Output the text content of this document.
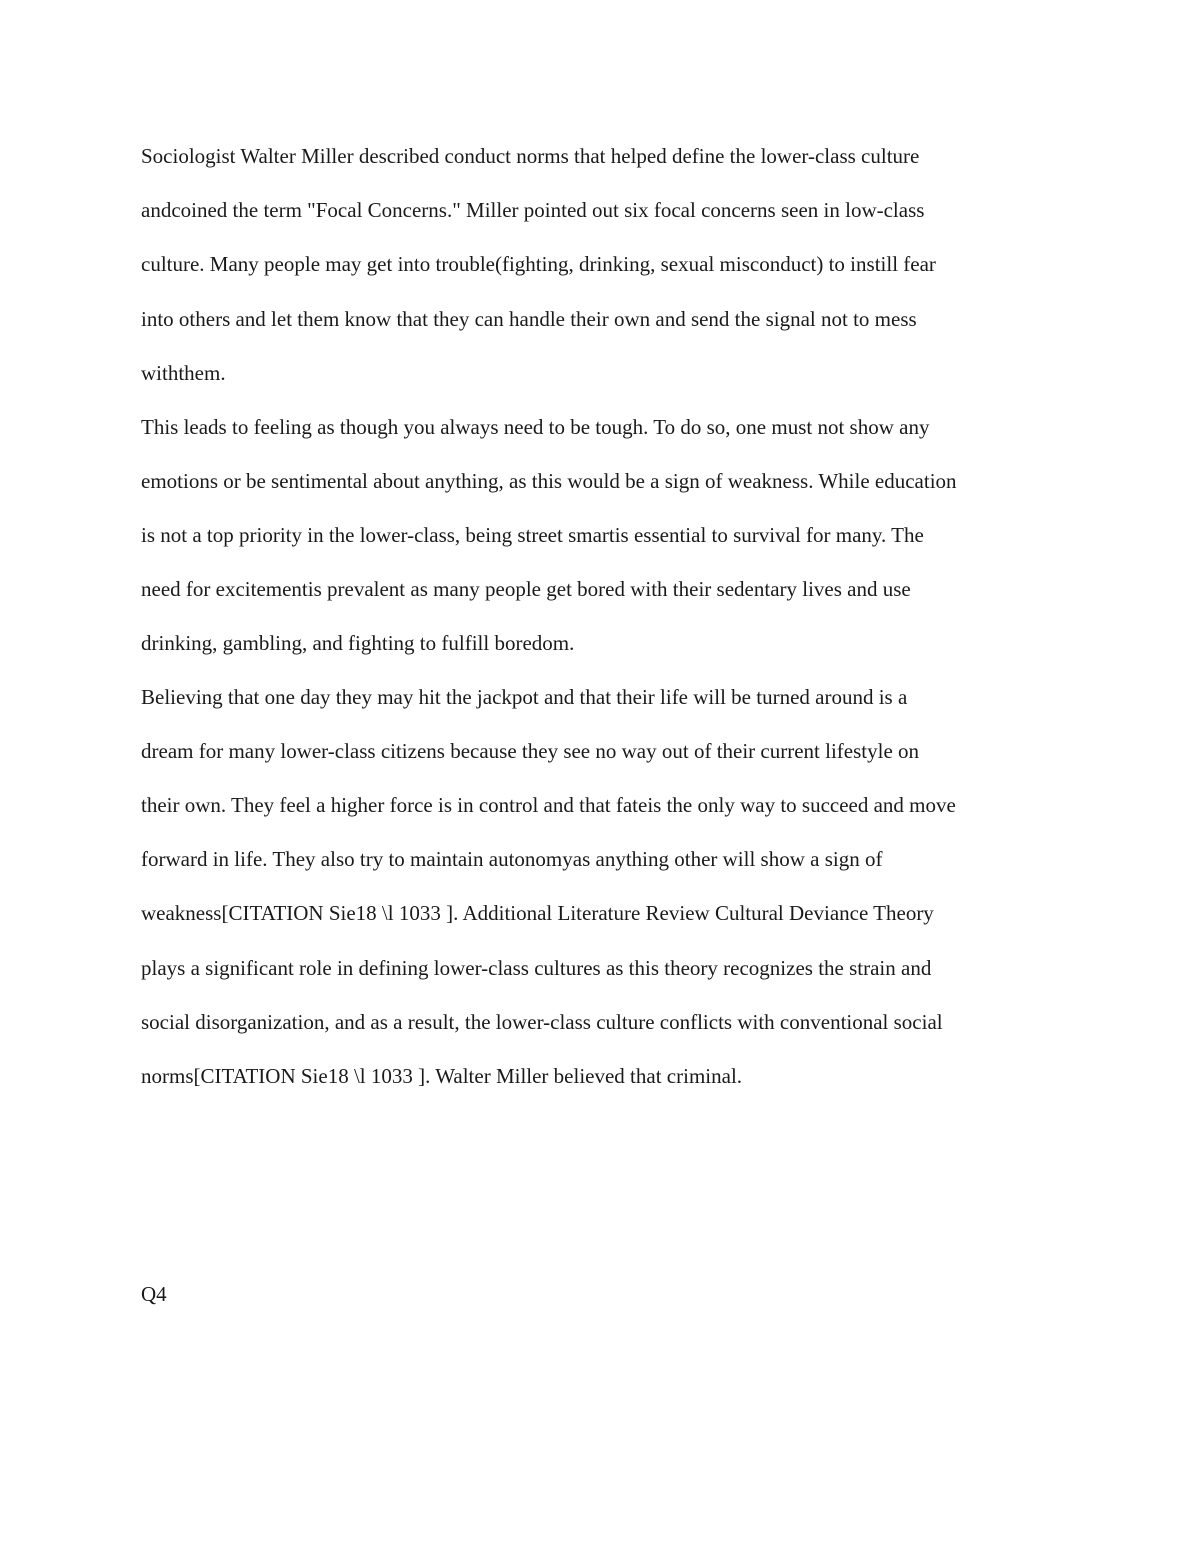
Sociologist Walter Miller described conduct norms that helped define the lower-class culture
andcoined the term "Focal Concerns." Miller pointed out six focal concerns seen in low-class
culture. Many people may get into trouble(fighting, drinking, sexual misconduct) to instill fear
into others and let them know that they can handle their own and send the signal not to mess
withthem.
This leads to feeling as though you always need to be tough. To do so, one must not show any
emotions or be sentimental about anything, as this would be a sign of weakness. While education
is not a top priority in the lower-class, being street smartis essential to survival for many. The
need for excitementis prevalent as many people get bored with their sedentary lives and use
drinking, gambling, and fighting to fulfill boredom.
Believing that one day they may hit the jackpot and that their life will be turned around is a
dream for many lower-class citizens because they see no way out of their current lifestyle on
their own. They feel a higher force is in control and that fateis the only way to succeed and move
forward in life. They also try to maintain autonomyas anything other will show a sign of
weakness[CITATION Sie18 \l 1033 ]. Additional Literature Review Cultural Deviance Theory
plays a significant role in defining lower-class cultures as this theory recognizes the strain and
social disorganization, and as a result, the lower-class culture conflicts with conventional social
norms[CITATION Sie18 \l 1033 ]. Walter Miller believed that criminal.
Q4
